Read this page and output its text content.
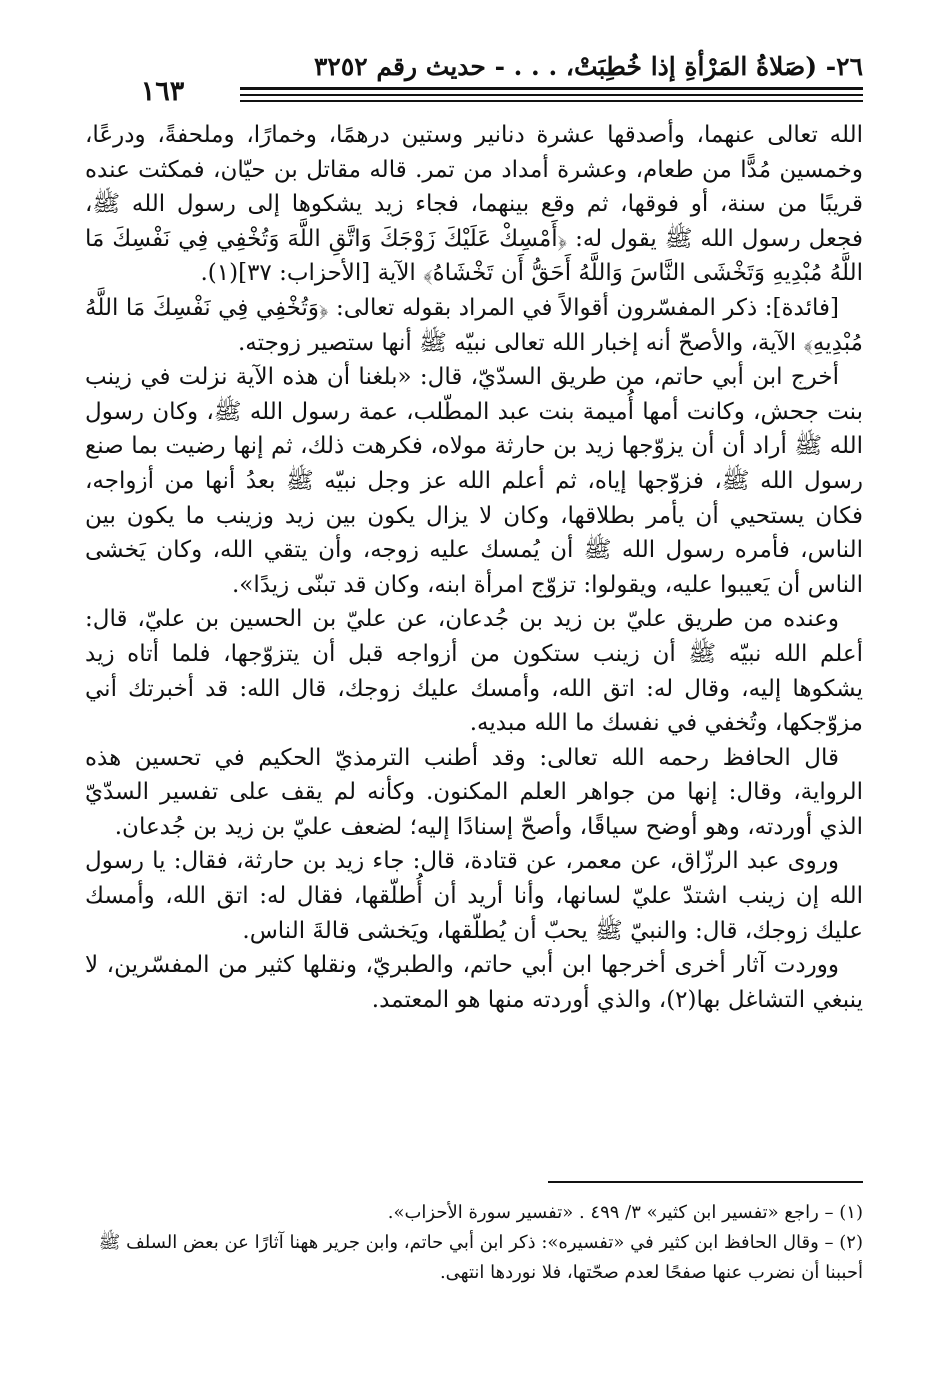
٢٦- (صَلاةُ المَرْأةِ إذا خُطِبَتْ، . . . - حديث رقم ٣٢٥٢
١٦٣

الله تعالى عنهما، وأصدقها عشرة دنانير وستين درهمًا، وخمارًا، وملحفةً، ودرعًا، وخمسين مُدًّا من طعام، وعشرة أمداد من تمر. قاله مقاتل بن حيّان، فمكثت عنده قريبًا من سنة، أو فوقها، ثم وقع بينهما، فجاء زيد يشكوها إلى رسول الله ﷺ، فجعل رسول الله ﷺ يقول له: ﴿أَمْسِكْ عَلَيْكَ زَوْجَكَ وَاتَّقِ اللَّهَ وَتُخْفِي فِي نَفْسِكَ مَا اللَّهُ مُبْدِيهِ وَتَخْشَى النَّاسَ وَاللَّهُ أَحَقُّ أَن تَخْشَاهُ﴾ الآية [الأحزاب: ٣٧](١).

[فائدة]: ذكر المفسّرون أقوالاً في المراد بقوله تعالى: ﴿وَتُخْفِي فِي نَفْسِكَ مَا اللَّهُ مُبْدِيهِ﴾ الآية، والأصحّ أنه إخبار الله تعالى نبيّه ﷺ أنها ستصير زوجته.

أخرج ابن أبي حاتم، من طريق السدّيّ، قال: «بلغنا أن هذه الآية نزلت في زينب بنت جحش، وكانت أمها أُميمة بنت عبد المطّلب، عمة رسول الله ﷺ، وكان رسول الله ﷺ أراد أن أن يزوّجها زيد بن حارثة مولاه، فكرهت ذلك، ثم إنها رضيت بما صنع رسول الله ﷺ، فزوّجها إياه، ثم أعلم الله عز وجل نبيّه ﷺ بعدُ أنها من أزواجه، فكان يستحيي أن يأمر بطلاقها، وكان لا يزال يكون بين زيد وزينب ما يكون بين الناس، فأمره رسول الله ﷺ أن يُمسك عليه زوجه، وأن يتقي الله، وكان يَخشى الناس أن يَعيبوا عليه، ويقولوا: تزوّج امرأة ابنه، وكان قد تبنّى زيدًا».

وعنده من طريق عليّ بن زيد بن جُدعان، عن عليّ بن الحسين بن عليّ، قال: أعلم الله نبيّه ﷺ أن زينب ستكون من أزواجه قبل أن يتزوّجها، فلما أتاه زيد يشكوها إليه، وقال له: اتق الله، وأمسك عليك زوجك، قال الله: قد أخبرتك أني مزوّجكها، وتُخفي في نفسك ما الله مبديه.

قال الحافظ رحمه الله تعالى: وقد أطنب الترمذيّ الحكيم في تحسين هذه الرواية، وقال: إنها من جواهر العلم المكنون. وكأنه لم يقف على تفسير السدّيّ الذي أوردته، وهو أوضح سياقًا، وأصحّ إسنادًا إليه؛ لضعف عليّ بن زيد بن جُدعان.

وروى عبد الرزّاق، عن معمر، عن قتادة، قال: جاء زيد بن حارثة، فقال: يا رسول الله إن زينب اشتدّ عليّ لسانها، وأنا أريد أن أُطلّقها، فقال له: اتق الله، وأمسك عليك زوجك، قال: والنبيّ ﷺ يحبّ أن يُطلّقها، ويَخشى قالةَ الناس.

ووردت آثار أخرى أخرجها ابن أبي حاتم، والطبريّ، ونقلها كثير من المفسّرين، لا ينبغي التشاغل بها(٢)، والذي أوردته منها هو المعتمد.

(١) – راجع «تفسير ابن كثير» ٣/ ٤٩٩ . «تفسير سورة الأحزاب».

(٢) – وقال الحافظ ابن كثير في «تفسيره»: ذكر ابن أبي حاتم، وابن جرير ههنا آثارًا عن بعض السلف ﷺ أحببنا أن نضرب عنها صفحًا لعدم صحّتها، فلا نوردها انتهى.
